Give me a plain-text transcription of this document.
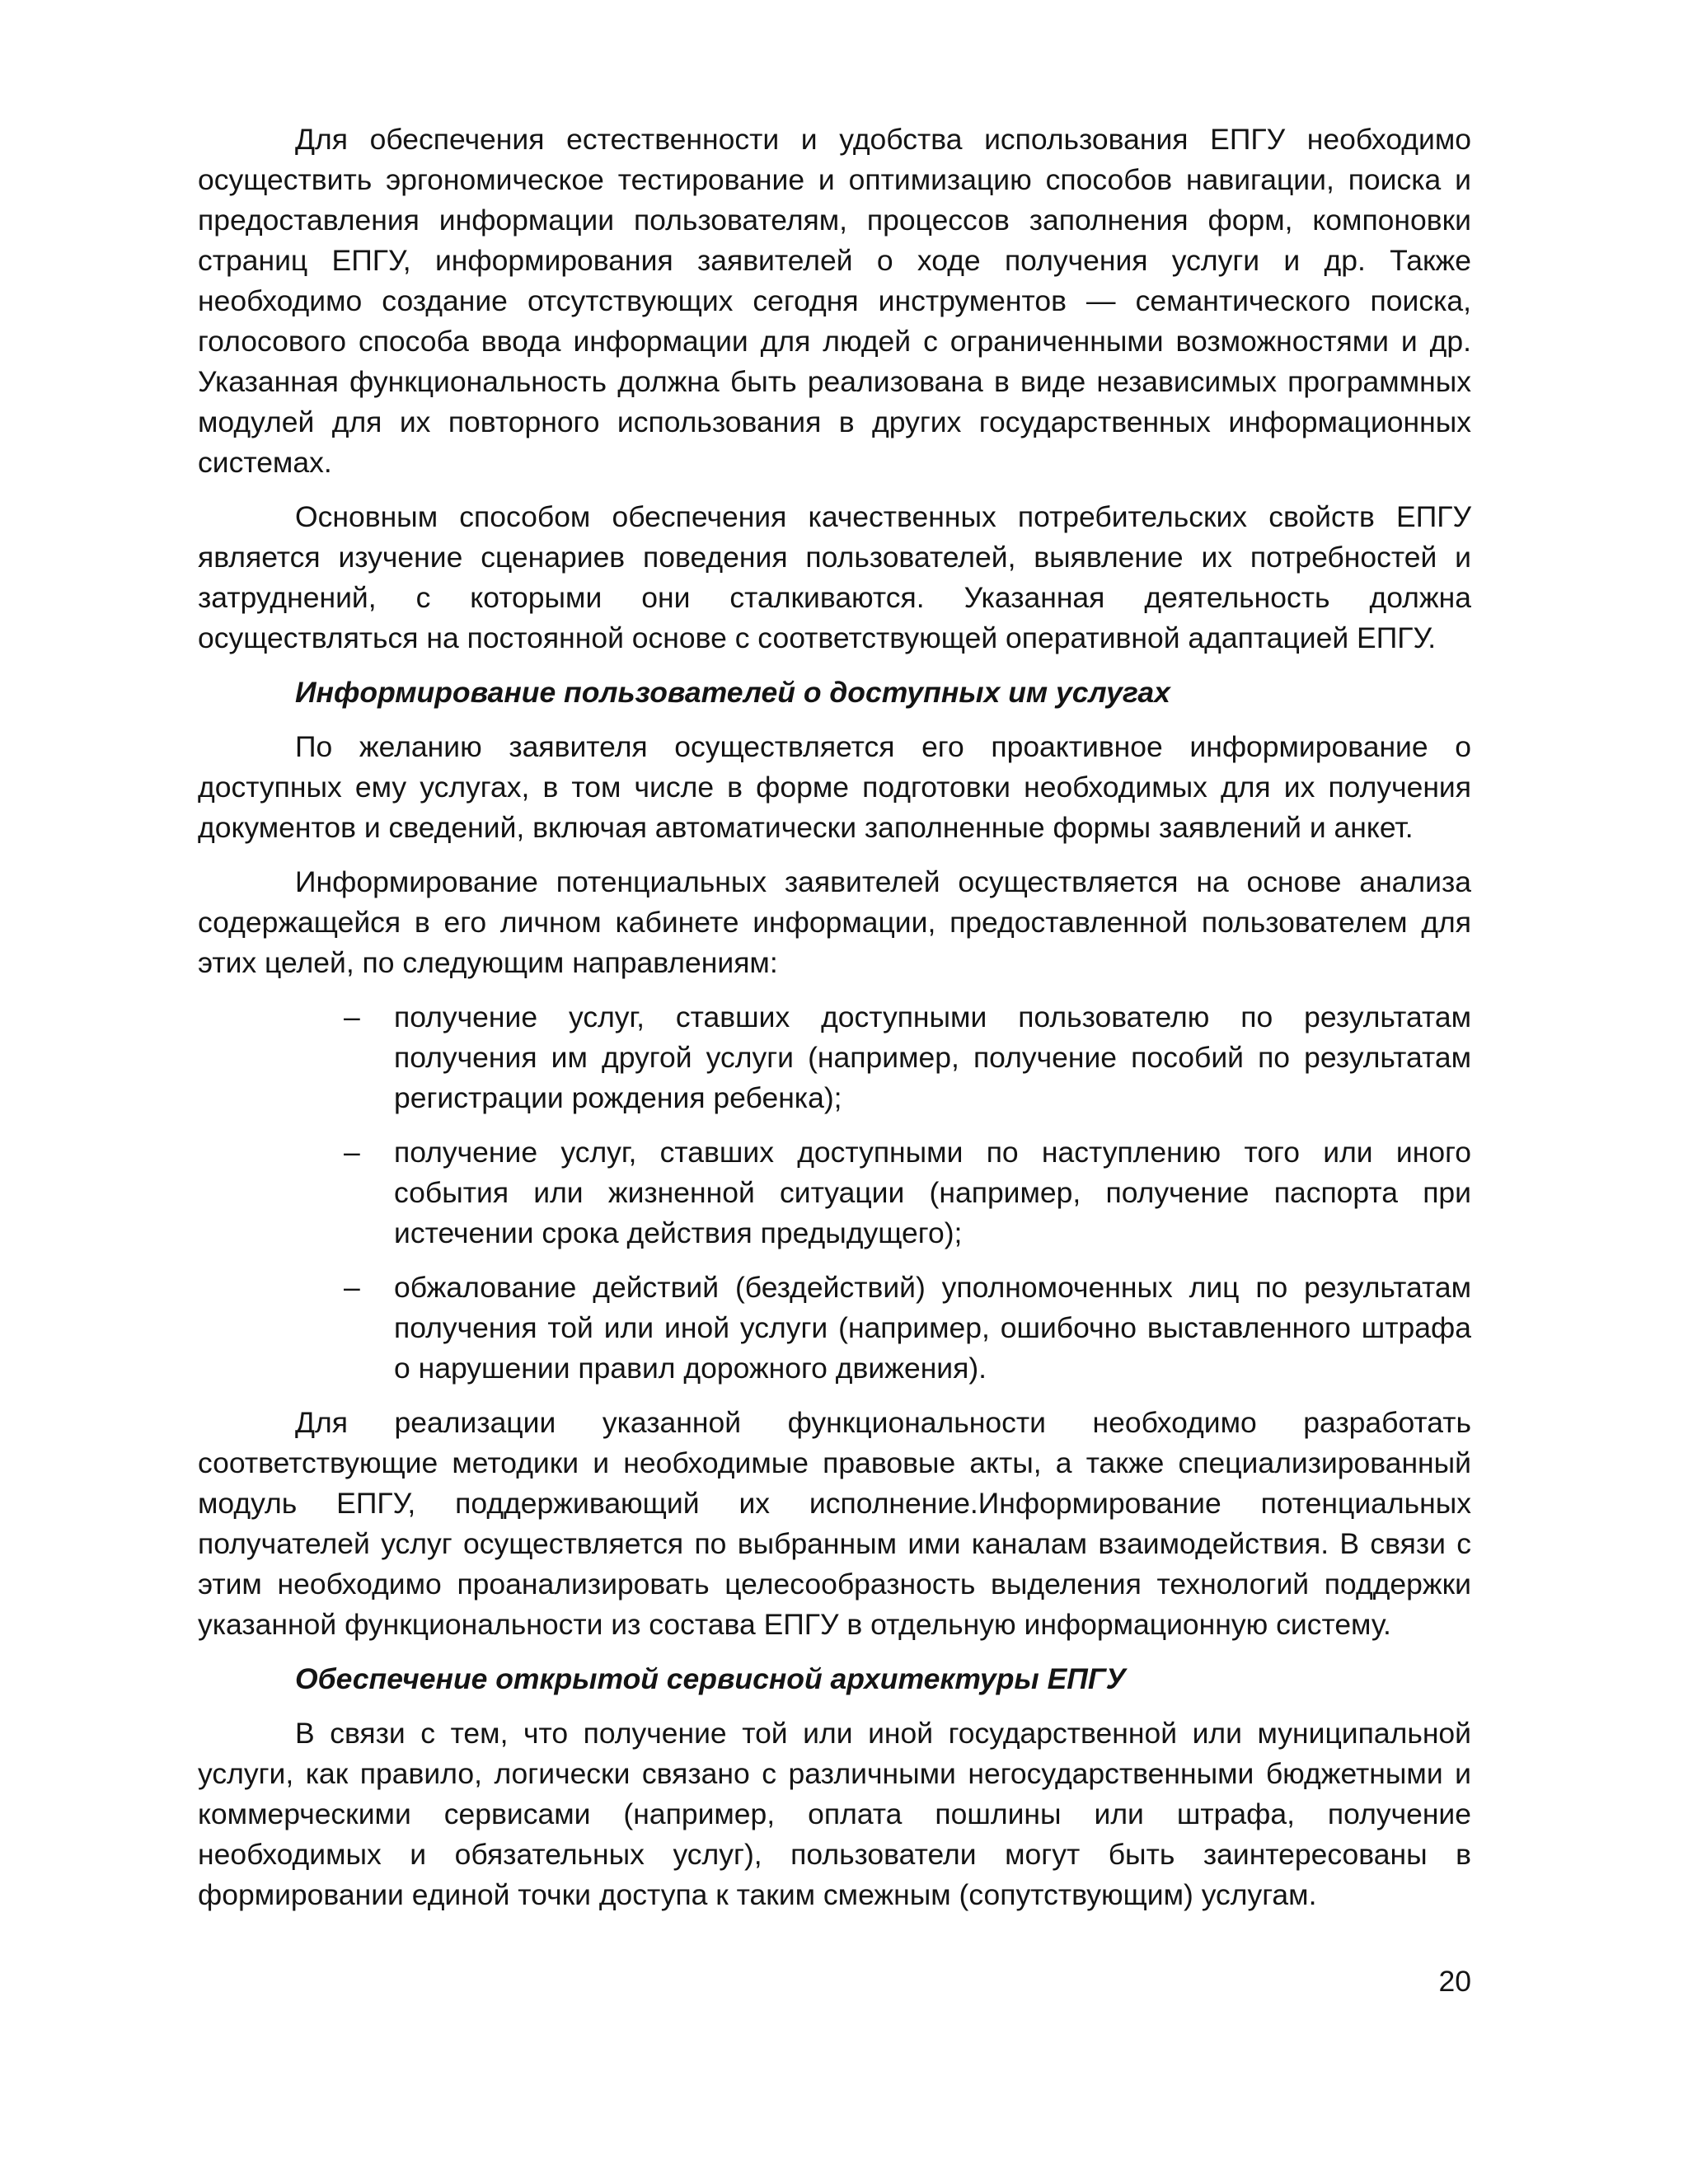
Для обеспечения естественности и удобства использования ЕПГУ необходимо осуществить эргономическое тестирование и оптимизацию способов навигации, поиска и предоставления информации пользователям, процессов заполнения форм, компоновки страниц ЕПГУ, информирования заявителей о ходе получения услуги и др. Также необходимо создание отсутствующих сегодня инструментов — семантического поиска, голосового способа ввода информации для людей с ограниченными возможностями и др. Указанная функциональность должна быть реализована в виде независимых программных модулей для их повторного использования в других государственных информационных системах.

Основным способом обеспечения качественных потребительских свойств ЕПГУ является изучение сценариев поведения пользователей, выявление их потребностей и затруднений, с которыми они сталкиваются. Указанная деятельность должна осуществляться на постоянной основе с соответствующей оперативной адаптацией ЕПГУ.

Информирование пользователей о доступных им услугах

По желанию заявителя осуществляется его проактивное информирование о доступных ему услугах, в том числе в форме подготовки необходимых для их получения документов и сведений, включая автоматически заполненные формы заявлений и анкет.

Информирование потенциальных заявителей осуществляется на основе анализа содержащейся в его личном кабинете информации, предоставленной пользователем для этих целей, по следующим направлениям:

– получение услуг, ставших доступными пользователю по результатам получения им другой услуги (например, получение пособий по результатам регистрации рождения ребенка);
– получение услуг, ставших доступными по наступлению того или иного события или жизненной ситуации (например, получение паспорта при истечении срока действия предыдущего);
– обжалование действий (бездействий) уполномоченных лиц по результатам получения той или иной услуги (например, ошибочно выставленного штрафа о нарушении правил дорожного движения).

Для реализации указанной функциональности необходимо разработать соответствующие методики и необходимые правовые акты, а также специализированный модуль ЕПГУ, поддерживающий их исполнение.Информирование потенциальных получателей услуг осуществляется по выбранным ими каналам взаимодействия. В связи с этим необходимо проанализировать целесообразность выделения технологий поддержки указанной функциональности из состава ЕПГУ в отдельную информационную систему.

Обеспечение открытой сервисной архитектуры ЕПГУ

В связи с тем, что получение той или иной государственной или муниципальной услуги, как правило, логически связано с различными негосударственными бюджетными и коммерческими сервисами (например, оплата пошлины или штрафа, получение необходимых и обязательных услуг), пользователи могут быть заинтересованы в формировании единой точки доступа к таким смежным (сопутствующим) услугам.

20
